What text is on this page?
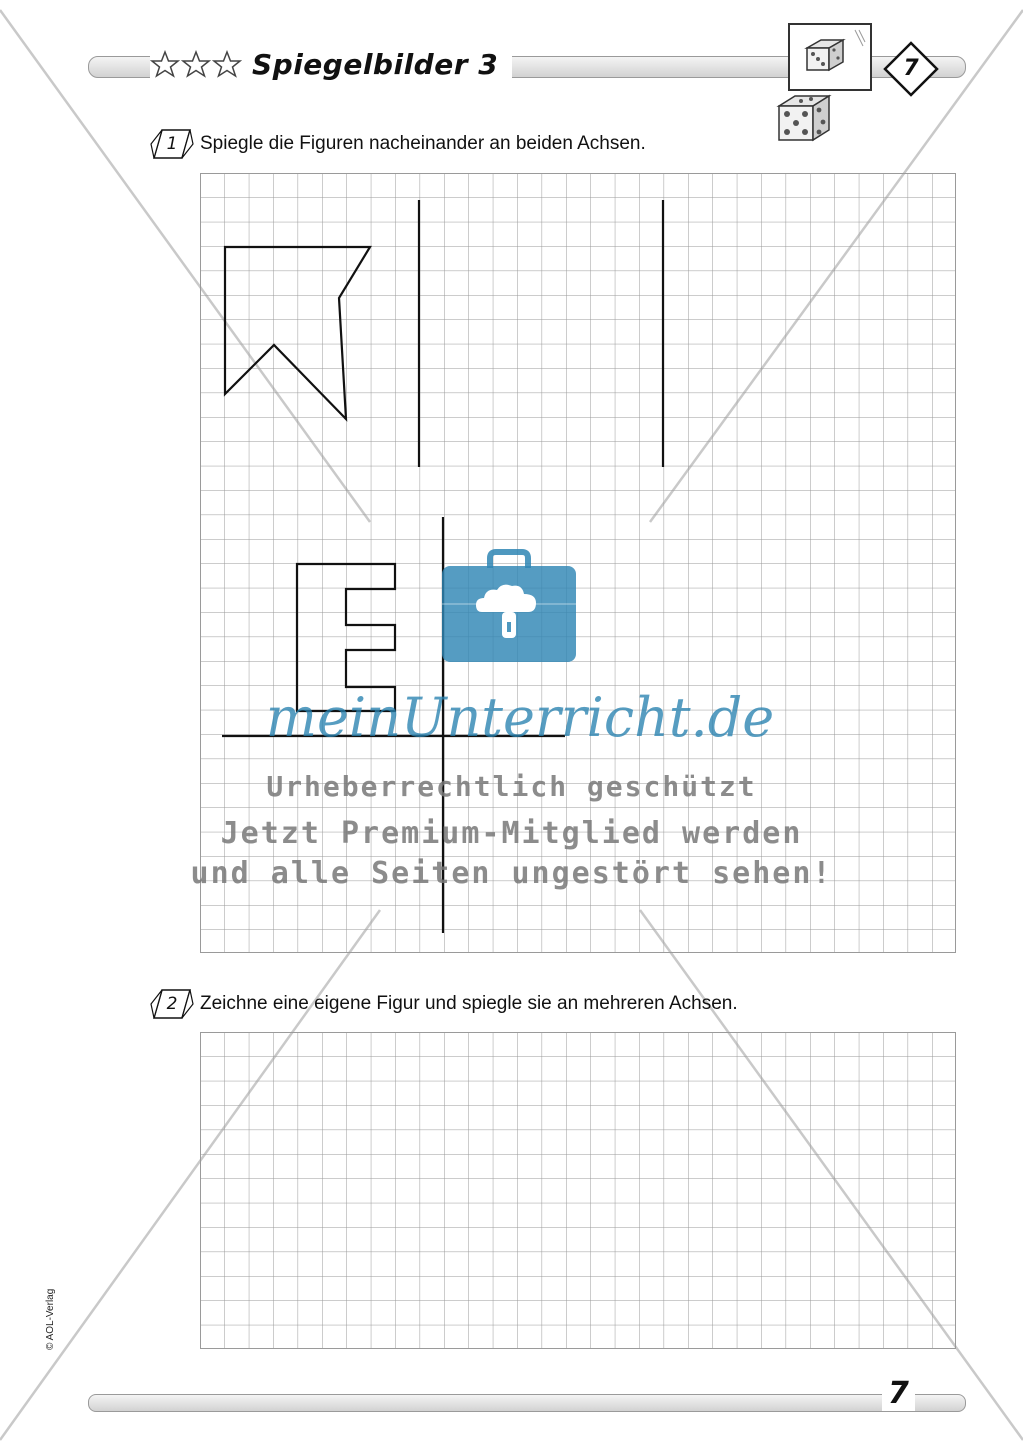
Spiegelbilder 3	7
1	Spiegle die Figuren nacheinander an beiden Achsen.
2	Zeichne eine eigene Figur und spiegle sie an mehreren Achsen.
meinUnterricht.de
Urheberrechtlich geschützt
Jetzt Premium-Mitglied werden
und alle Seiten ungestört sehen!
© AOL-Verlag
7
